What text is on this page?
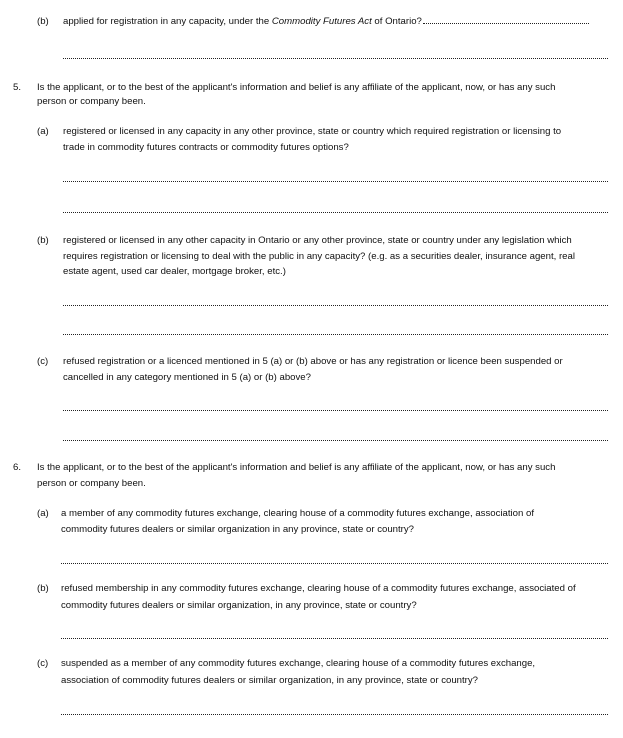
(b) applied for registration in any capacity, under the Commodity Futures Act of Ontario?
5. Is the applicant, or to the best of the applicant's information and belief is any affiliate of the applicant, now, or has any such
person or company been.
(a) registered or licensed in any capacity in any other province, state or country which required registration or licensing to
trade in commodity futures contracts or commodity futures options?
(b) registered or licensed in any other capacity in Ontario or any other province, state or country under any legislation which
requires registration or licensing to deal with the public in any capacity? (e.g. as a securities dealer, insurance agent, real
estate agent, used car dealer, mortgage broker, etc.)
(c) refused registration or a licenced mentioned in 5 (a) or (b) above or has any registration or licence been suspended or
cancelled in any category mentioned in 5 (a) or (b) above?
6. Is the applicant, or to the best of the applicant's information and belief is any affiliate of the applicant, now, or has any such
person or company been.
(a) a member of any commodity futures exchange, clearing house of a commodity futures exchange, association of
commodity futures dealers or similar organization in any province, state or country?
(b) refused membership in any commodity futures exchange, clearing house of a commodity futures exchange, associated of
commodity futures dealers or similar organization, in any province, state or country?
(c) suspended as a member of any commodity futures exchange, clearing house of a commodity futures exchange,
association of commodity futures dealers or similar organization, in any province, state or country?
